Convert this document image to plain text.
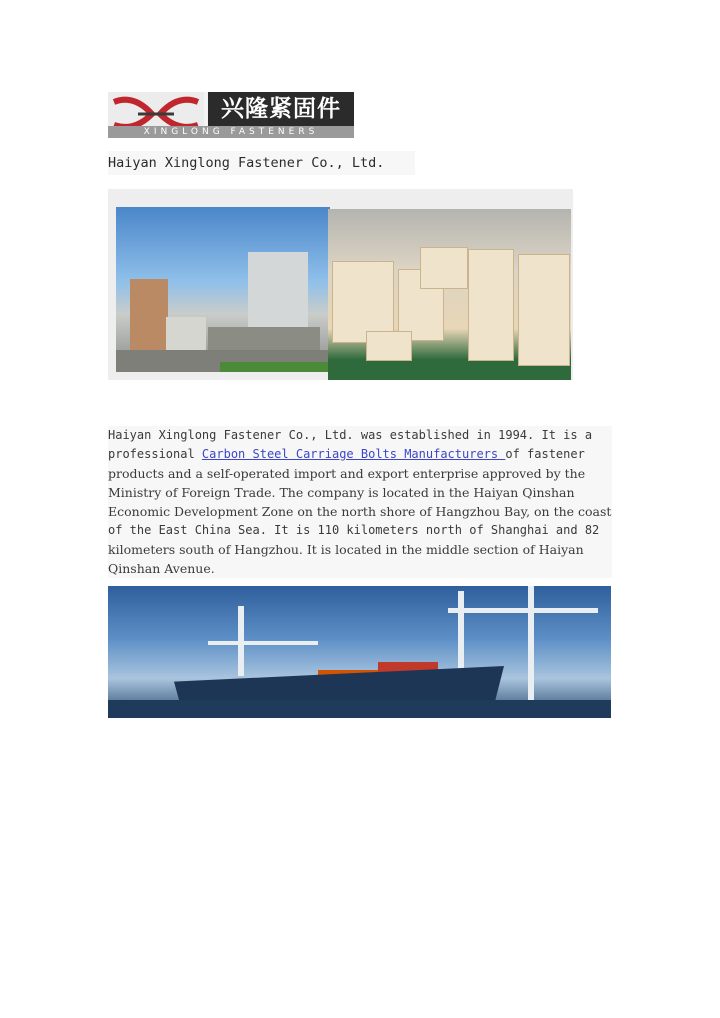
兴隆紧固件
XINGLONG FASTENERS
Haiyan Xinglong Fastener Co., Ltd.
Haiyan Xinglong Fastener Co., Ltd. was established in 1994. It is a
professional Carbon Steel Carriage Bolts Manufacturers of fastener
products and a self-operated import and export enterprise approved by the
Ministry of Foreign Trade. The company is located in the Haiyan Qinshan
Economic Development Zone on the north shore of Hangzhou Bay, on the coast
of the East China Sea. It is 110 kilometers north of Shanghai and 82
kilometers south of Hangzhou. It is located in the middle section of Haiyan
Qinshan Avenue.
